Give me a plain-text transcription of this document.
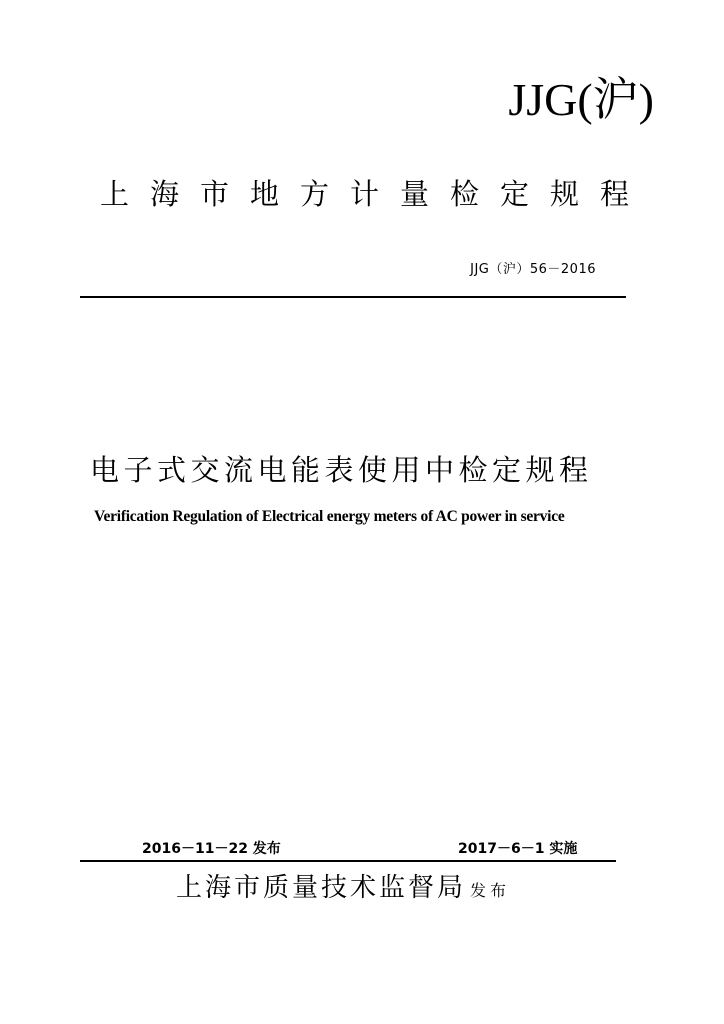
JJG(沪)
上海市地方计量检定规程
JJG（沪）56－2016
电子式交流电能表使用中检定规程
Verification Regulation of Electrical energy meters of AC power in service
2016－11－22 发布	2017－6－1 实施
上海市质量技术监督局 发布
